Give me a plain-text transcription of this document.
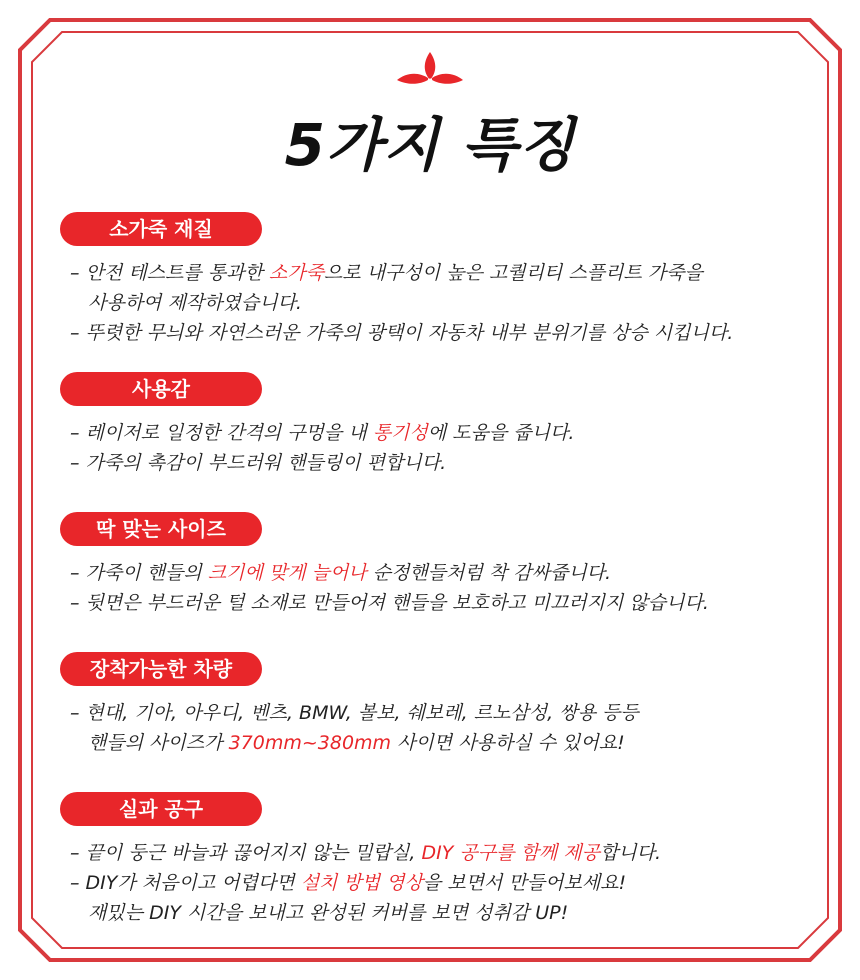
5가지 특징
소가죽 재질
– 안전 테스트를 통과한 소가죽으로 내구성이 높은 고퀄리티 스플리트 가죽을
사용하여 제작하였습니다.
– 뚜렷한 무늬와 자연스러운 가죽의 광택이 자동차 내부 분위기를 상승 시킵니다.
사용감
– 레이저로 일정한 간격의 구멍을 내 통기성에 도움을 줍니다.
– 가죽의 촉감이 부드러워 핸들링이 편합니다.
딱 맞는 사이즈
– 가죽이 핸들의 크기에 맞게 늘어나 순정핸들처럼 착 감싸줍니다.
– 뒷면은 부드러운 털 소재로 만들어져 핸들을 보호하고 미끄러지지 않습니다.
장착가능한 차량
– 현대, 기아, 아우디, 벤츠, BMW, 볼보, 쉐보레, 르노삼성, 쌍용 등등
핸들의 사이즈가 370mm~380mm 사이면 사용하실 수 있어요!
실과 공구
– 끝이 둥근 바늘과 끊어지지 않는 밀랍실, DIY 공구를 함께 제공합니다.
– DIY가 처음이고 어렵다면 설치 방법 영상을 보면서 만들어보세요!
재밌는 DIY 시간을 보내고 완성된 커버를 보면 성취감 UP!
